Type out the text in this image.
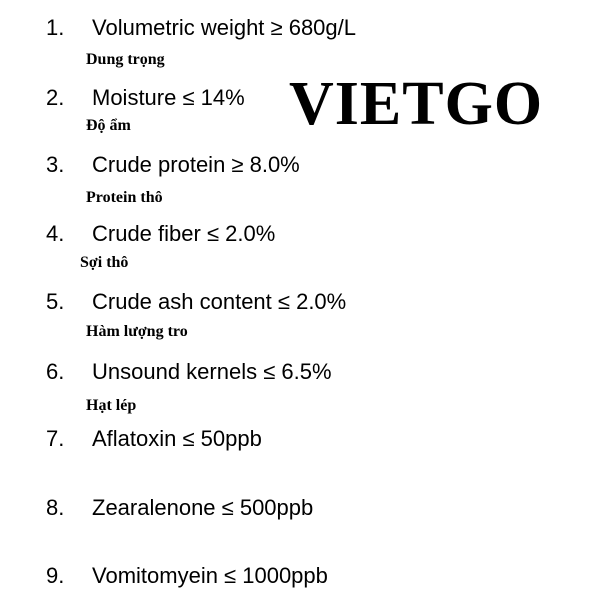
1. Volumetric weight ≥ 680g/L
Dung trọng
2. Moisture ≤ 14%
Độ ẩm
3. Crude protein ≥ 8.0%
Protein thô
4. Crude fiber ≤ 2.0%
Sợi thô
5. Crude ash content ≤ 2.0%
Hàm lượng tro
6. Unsound kernels ≤ 6.5%
Hạt lép
7. Aflatoxin ≤ 50ppb
8. Zearalenone ≤ 500ppb
9. Vomitomyein ≤ 1000ppb
VIETGO
